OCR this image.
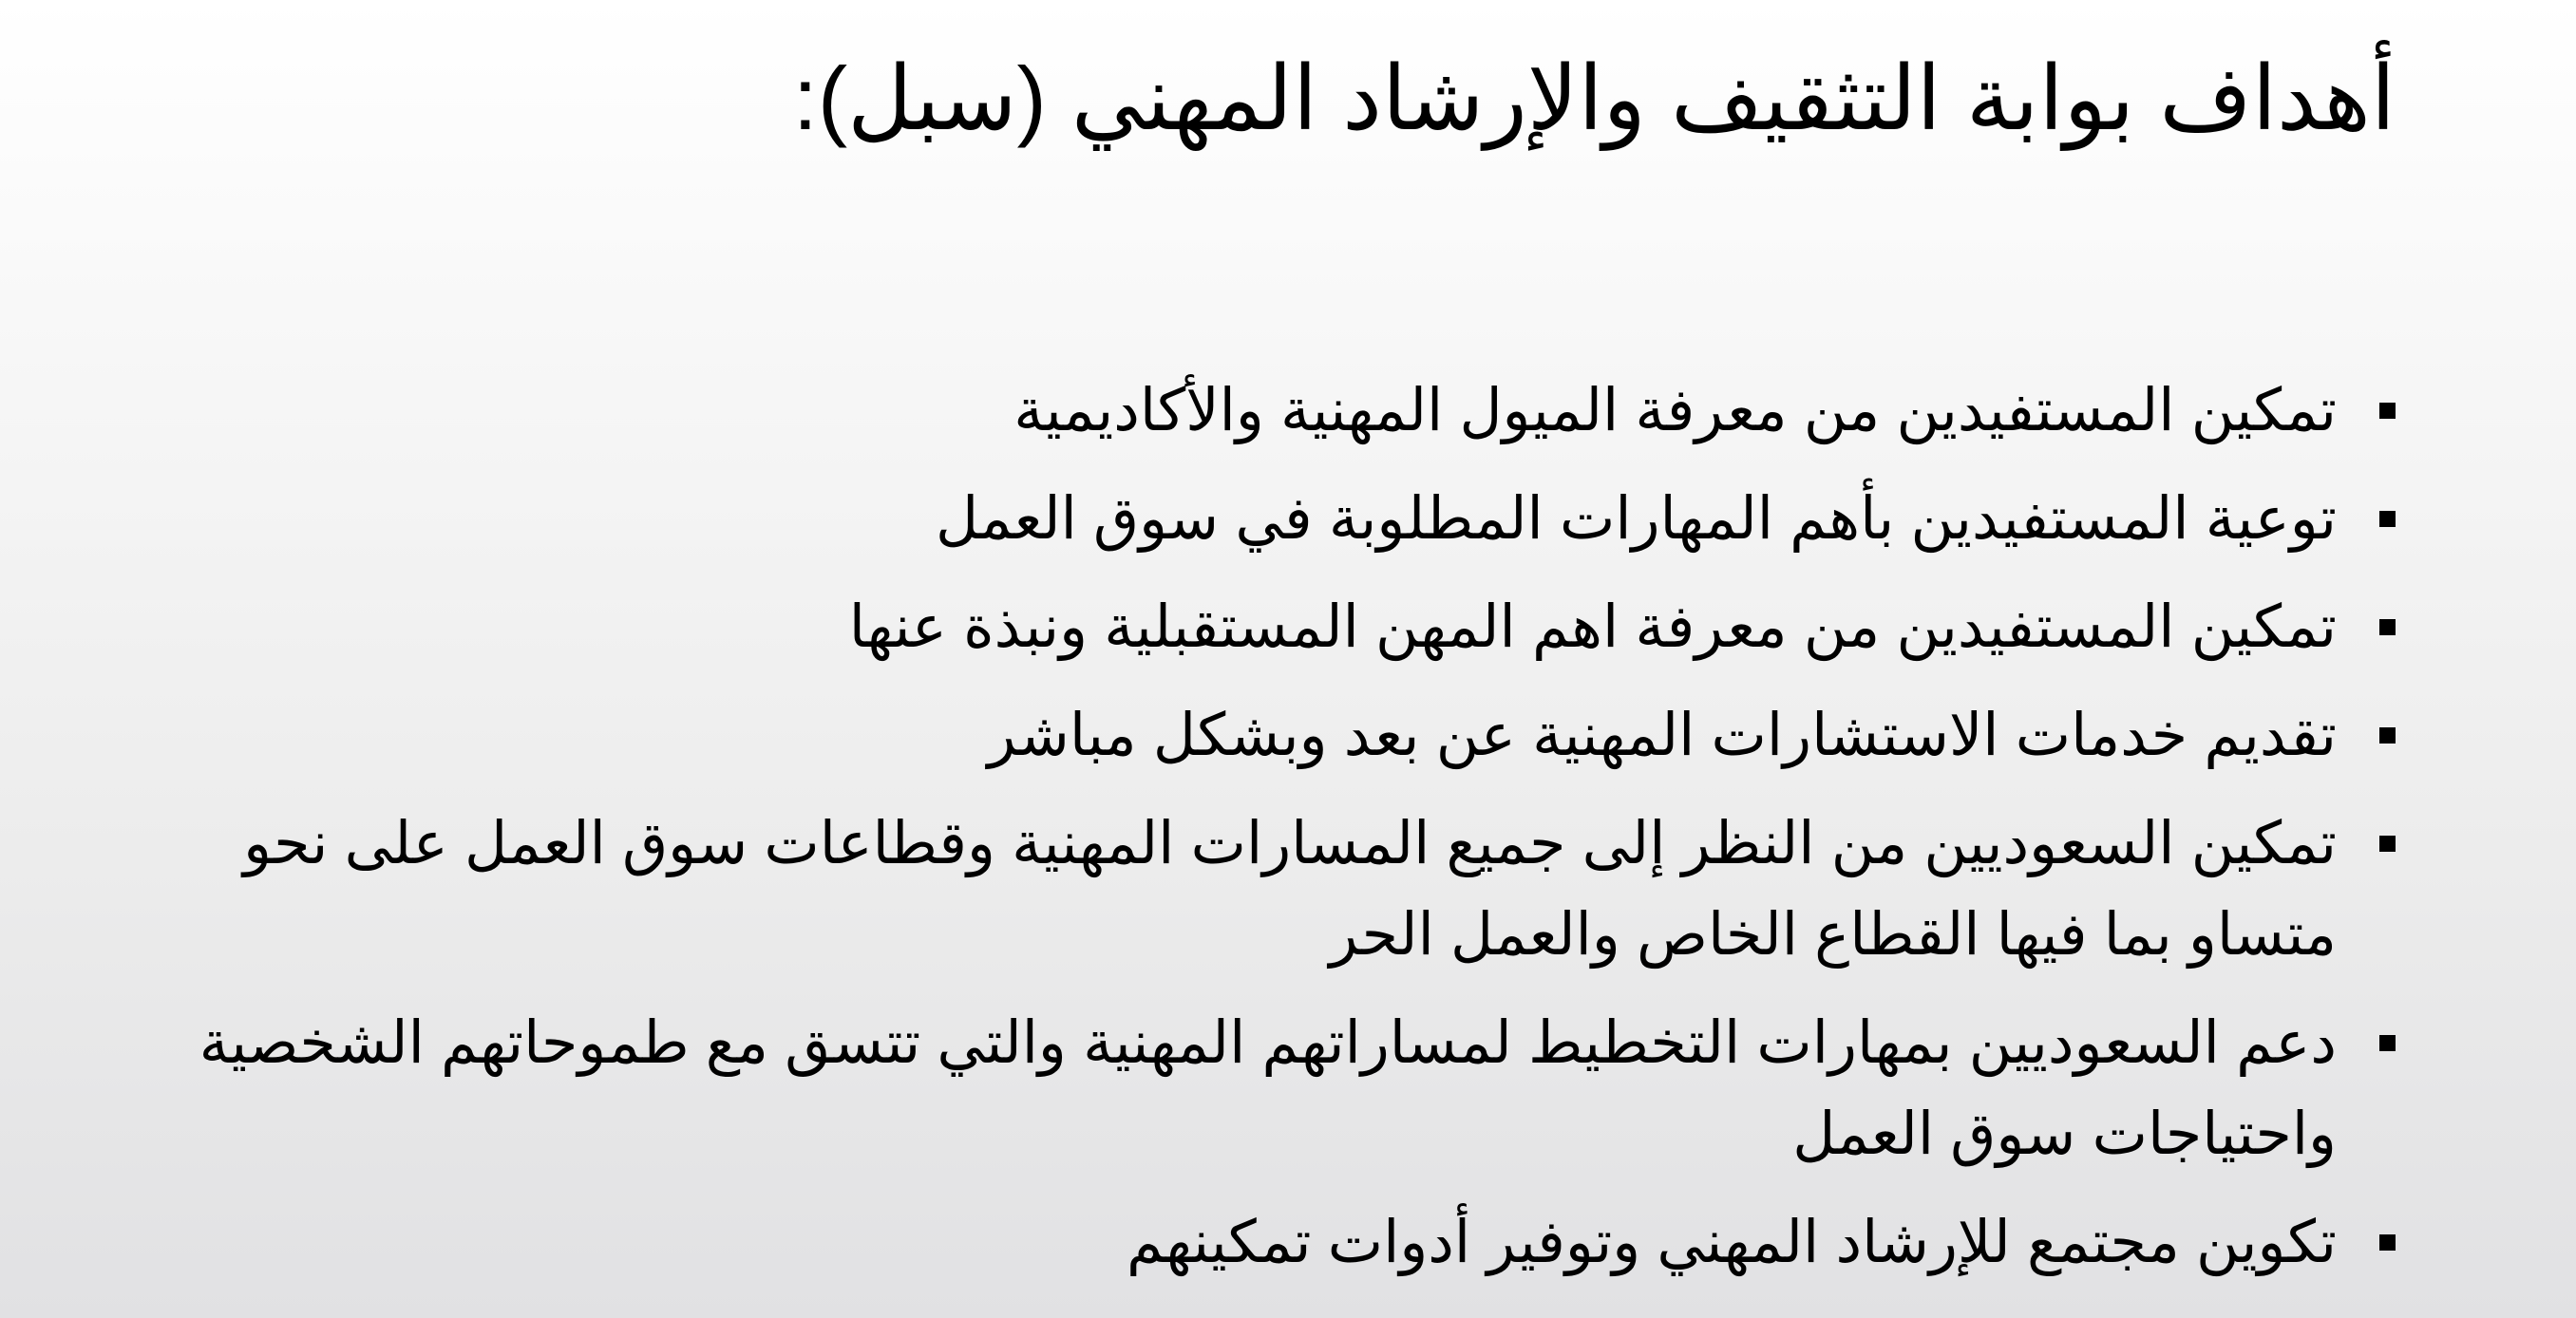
أهداف بوابة التثقيف والإرشاد المهني (سبل):
تمكين المستفيدين من معرفة الميول المهنية والأكاديمية
توعية المستفيدين بأهم المهارات المطلوبة في سوق العمل
تمكين المستفيدين من معرفة اهم المهن المستقبلية ونبذة عنها
تقديم خدمات الاستشارات المهنية عن بعد وبشكل مباشر
تمكين السعوديين من النظر إلى جميع المسارات المهنية وقطاعات سوق العمل على نحو متساو بما فيها القطاع الخاص والعمل الحر
دعم السعوديين بمهارات التخطيط لمساراتهم المهنية والتي تتسق مع طموحاتهم الشخصية واحتياجات سوق العمل
تكوين مجتمع للإرشاد المهني وتوفير أدوات تمكينهم
